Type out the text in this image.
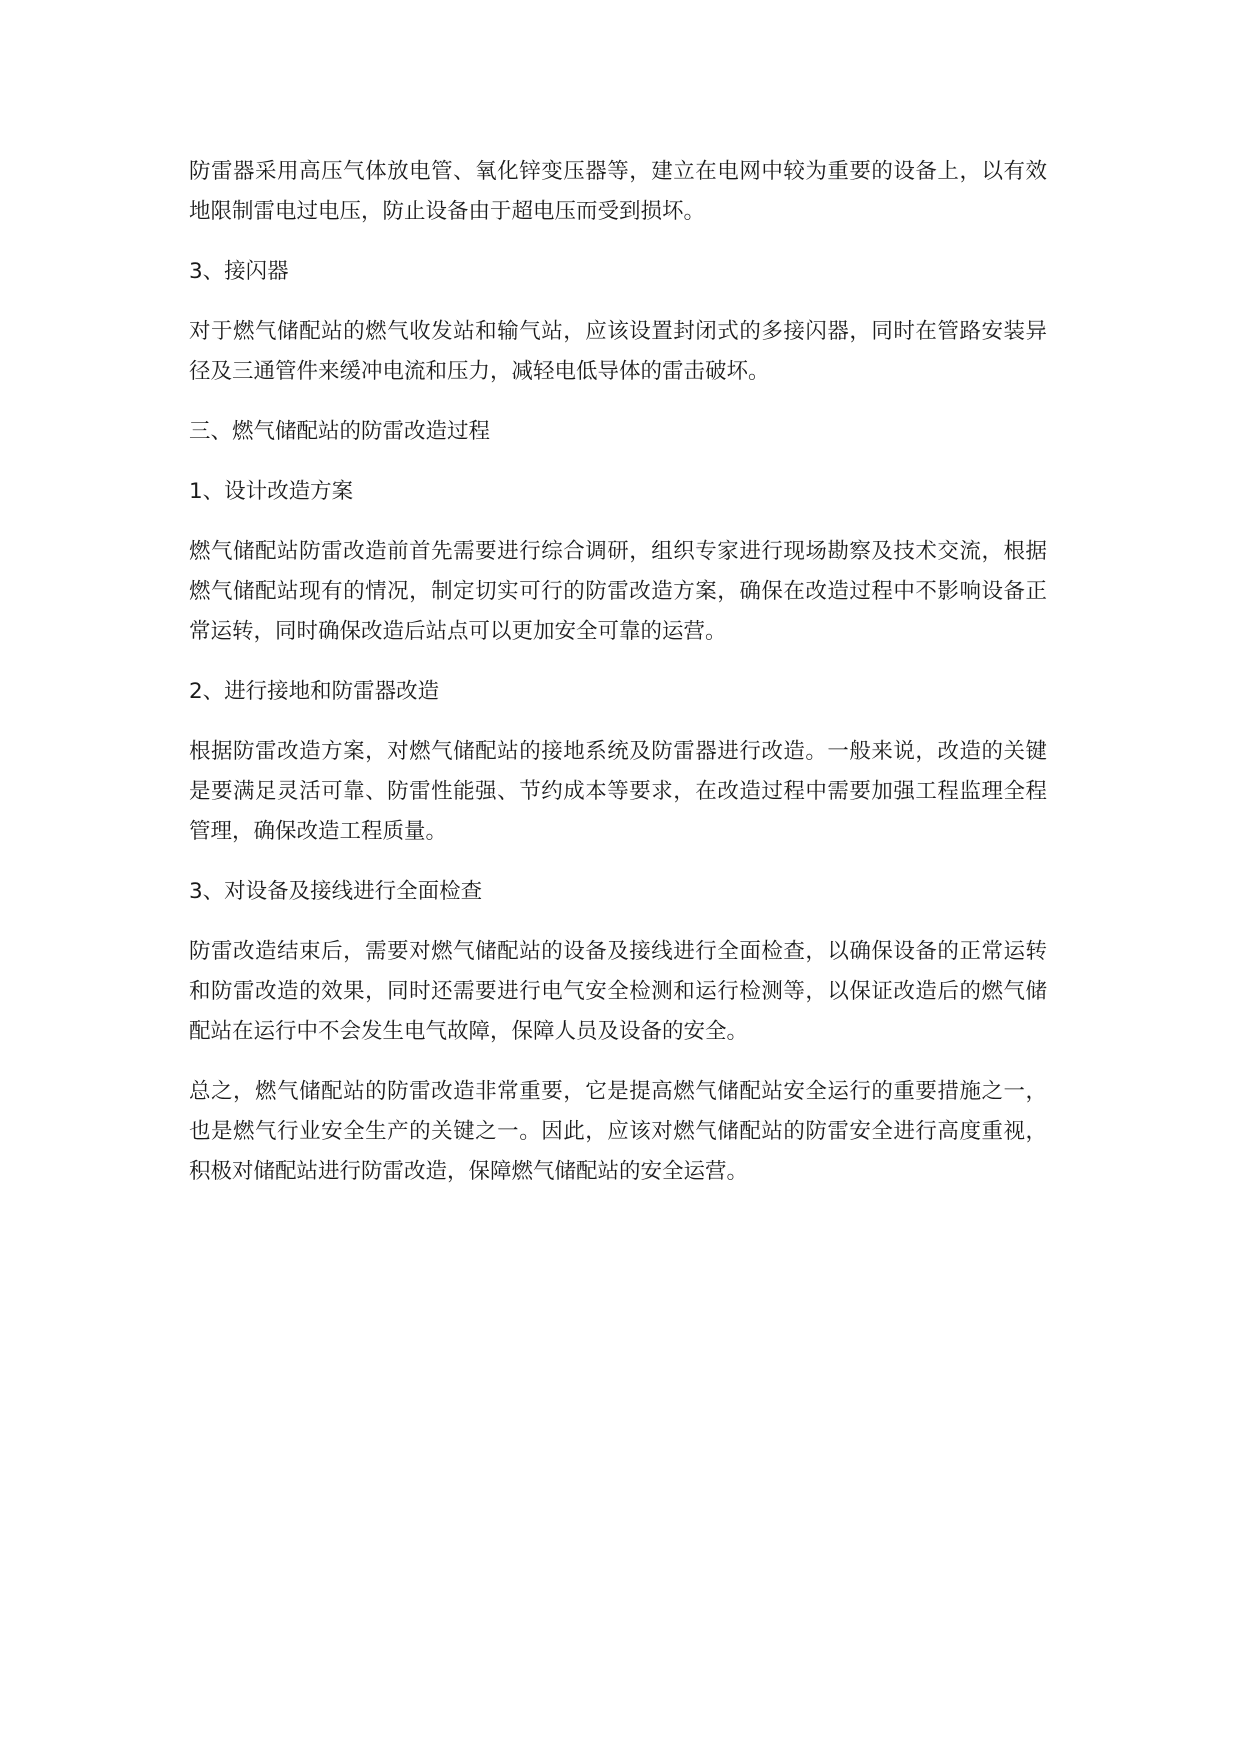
防雷器采用高压气体放电管、氧化锌变压器等，建立在电网中较为重要的设备上，以有效地限制雷电过电压，防止设备由于超电压而受到损坏。

3、接闪器

对于燃气储配站的燃气收发站和输气站，应该设置封闭式的多接闪器，同时在管路安装异径及三通管件来缓冲电流和压力，减轻电低导体的雷击破坏。

三、燃气储配站的防雷改造过程

1、设计改造方案

燃气储配站防雷改造前首先需要进行综合调研，组织专家进行现场勘察及技术交流，根据燃气储配站现有的情况，制定切实可行的防雷改造方案，确保在改造过程中不影响设备正常运转，同时确保改造后站点可以更加安全可靠的运营。

2、进行接地和防雷器改造

根据防雷改造方案，对燃气储配站的接地系统及防雷器进行改造。一般来说，改造的关键是要满足灵活可靠、防雷性能强、节约成本等要求，在改造过程中需要加强工程监理全程管理，确保改造工程质量。

3、对设备及接线进行全面检查

防雷改造结束后，需要对燃气储配站的设备及接线进行全面检查，以确保设备的正常运转和防雷改造的效果，同时还需要进行电气安全检测和运行检测等，以保证改造后的燃气储配站在运行中不会发生电气故障，保障人员及设备的安全。

总之，燃气储配站的防雷改造非常重要，它是提高燃气储配站安全运行的重要措施之一，也是燃气行业安全生产的关键之一。因此，应该对燃气储配站的防雷安全进行高度重视，积极对储配站进行防雷改造，保障燃气储配站的安全运营。
